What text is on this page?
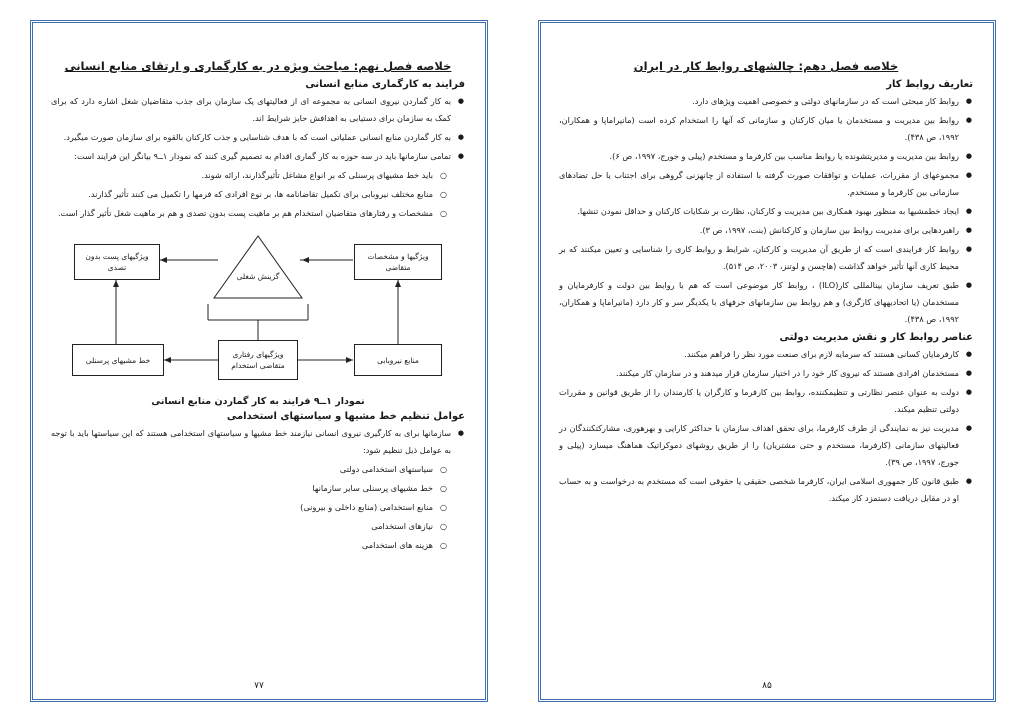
خلاصه فصل نهم: مباحث ویژه در به کارگماری و ارتقای منابع انسانی
فرایند به کارگماری منابع انسانی
● به کار گماردن نیروی انسانی به مجموعه ای از فعالیتهای یک سازمان برای جذب متقاضیان شغل اشاره دارد که برای کمک به سازمان برای دستیابی به اهدافش حایز شرایط اند.
● به کار گماردن منابع انسانی عملیاتی است که با هدف شناسایی و جذب کارکنان بالقوه برای سازمان صورت میگیرد.
● تمامی سازمانها باید در سه حوزه به کار گماری اقدام به تصمیم گیری کنند که نمودار ۱ــ۹ بیانگر این فرایند است:
○ باید خط مشیهای پرسنلی که بر انواع مشاغل تأثیرگذارند، ارائه شوند.
○ منابع مختلف نیروبابی برای تکمیل تقاضانامه ها، بر نوع افرادی که فرمها را تکمیل می کنند تأثیر گذارند.
○ مشخصات و رفتارهای متقاضیان استخدام هم بر ماهیت پست بدون تصدی و هم بر ماهیت شغل تأثیر گذار است.
ویژگیهای پست بدون تصدی
گزینش شغلی
ویژگیها و مشخصات متقاضی
خط مشیهای پرسنلی
ویژگیهای رفتاری متقاضی استخدام
منابع نیروبابی
نمودار ۱ــ۹ فرایند به کار گماردن منابع انسانی
عوامل تنظیم خط مشیها و سیاستهای استخدامی
● سازمانها برای به کارگیری نیروی انسانی نیازمند خط مشیها و سیاستهای استخدامی هستند که این سیاستها باید با توجه به عوامل ذیل تنظیم شود:
○ سیاستهای استخدامی دولتی
○ خط مشیهای پرسنلی سایر سازمانها
○ منابع استخدامی (منابع داخلی و بیرونی)
○ نیازهای استخدامی
○ هزینه های استخدامی
۷۷
خلاصه فصل دهم: چالشهای روابط کار در ایران
تعاریف روابط کار
● روابط کار مبحثی است که در سازمانهای دولتی و خصوصی اهمیت ویژهای دارد.
● روابط بین مدیریت و مستخدمان یا میان کارکنان و سازمانی که آنها را استخدام کرده است (مانیراماپا و همکاران، ۱۹۹۲، ص ۴۳۸).
● روابط بین مدیریت و مدیریتشونده یا روابط مناسب بین کارفرما و مستخدم (پیلی و جورج، ۱۹۹۷، ص ۶).
● مجموعهای از مقررات، عملیات و توافقات صورت گرفته با استفاده از چانهزنی گروهی برای اجتناب یا حل تضادهای سازمانی بین کارفرما و مستخدم.
● ایجاد خطمشیها به منظور بهبود همکاری بین مدیریت و کارکنان، نظارت بر شکایات کارکنان و حداقل نمودن تنشها.
● راهبردهایی برای مدیریت روابط بین سازمان و کارکنانش (بنت، ۱۹۹۷، ص ۳).
● روابط کار فرایندی است که از طریق آن مدیریت و کارکنان، شرایط و روابط کاری را شناسایی و تعیین میکنند که بر محیط کاری آنها تأثیر خواهد گذاشت (هاچسن و لوتنز، ۲۰۰۳، ص ۵۱۴).
● طبق تعریف سازمان بینالمللی کار(ILO) ، روابط کار موضوعی است که هم با روابط بین دولت و کارفرمایان و مستخدمان (یا اتحادیههای کارگری) و هم روابط بین سازمانهای حرفهای با یکدیگر سر و کار دارد (مانیراماپا و همکاران، ۱۹۹۲، ص ۴۳۸).
عناصر روابط کار و نقش مدیریت دولتی
● کارفرمایان کسانی هستند که سرمایه لازم برای صنعت مورد نظر را فراهم میکنند.
● مستخدمان افرادی هستند که نیروی کار خود را در اختیار سازمان قرار میدهند و در سازمان کار میکنند.
● دولت به عنوان عنصر نظارتی و تنظیمکننده، روابط بین کارفرما و کارگران یا کارمندان را از طریق قوانین و مقررات دولتی تنظیم میکند.
● مدیریت نیز به نمایندگی از طرف کارفرما، برای تحقق اهداف سازمان با حداکثر کارایی و بهرهوری، مشارکتکنندگان در فعالیتهای سازمانی (کارفرما، مستخدم و حتی مشتریان) را از طریق روشهای دموکراتیک هماهنگ میسازد (پیلی و جورج، ۱۹۹۷، ص ۳۹).
● طبق قانون کار جمهوری اسلامی ایران، کارفرما شخصی حقیقی یا حقوقی است که مستخدم به درخواست و به حساب او در مقابل دریافت دستمزد کار میکند.
۸۵
